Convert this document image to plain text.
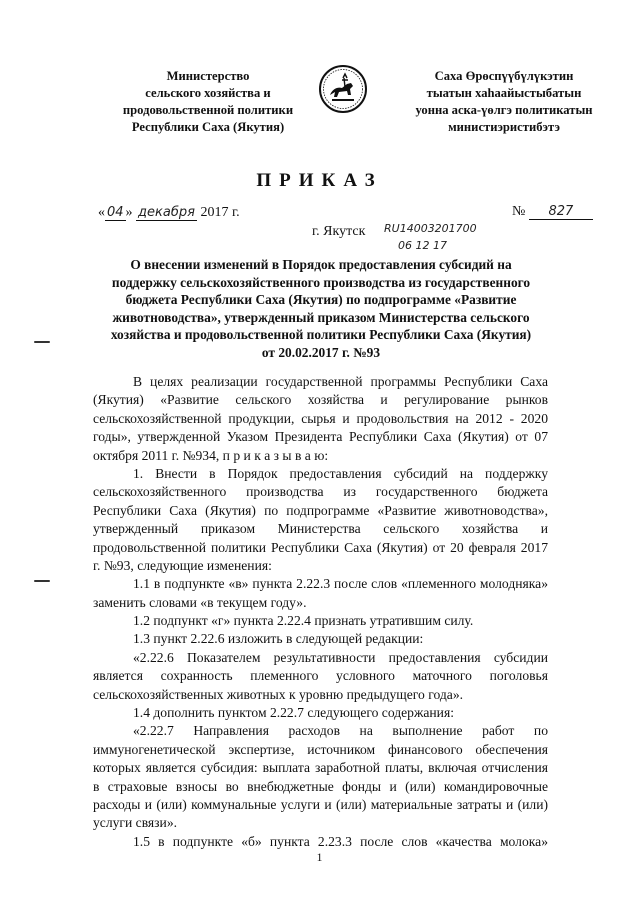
Министерство
сельского хозяйства и
продовольственной политики
Республики Саха (Якутия)
Саха Өрөспүүбүлүкэтин
тыатын хаһаайыстыбатын
уонна аска-үөлгэ политикатын
министиэристибэтэ
ПРИКАЗ
« 04 » декабря 2017 г.	№ 827
г. Якутск RU14003201700
06 12 17
О внесении изменений в Порядок предоставления субсидий на
поддержку сельскохозяйственного производства из государственного
бюджета Республики Саха (Якутия) по подпрограмме «Развитие
животноводства», утвержденный приказом Министерства сельского
хозяйства и продовольственной политики Республики Саха (Якутия)
от 20.02.2017 г. №93
В целях реализации государственной программы Республики Саха
(Якутия) «Развитие сельского хозяйства и регулирование рынков
сельскохозяйственной продукции, сырья и продовольствия на 2012 - 2020
годы», утвержденной Указом Президента Республики Саха (Якутия) от 07
октября 2011 г. №934, п р и к а з ы в а ю:
1. Внести в Порядок предоставления субсидий на поддержку
сельскохозяйственного производства из государственного бюджета
Республики Саха (Якутия) по подпрограмме «Развитие животноводства»,
утвержденный приказом Министерства сельского хозяйства и
продовольственной политики Республики Саха (Якутия) от 20 февраля 2017
г. №93, следующие изменения:
1.1 в подпункте «в» пункта 2.22.3 после слов «племенного молодняка»
заменить словами «в текущем году».
1.2 подпункт «г» пункта 2.22.4 признать утратившим силу.
1.3 пункт 2.22.6 изложить в следующей редакции:
«2.22.6 Показателем результативности предоставления субсидии
является сохранность племенного условного маточного поголовья
сельскохозяйственных животных к уровню предыдущего года».
1.4 дополнить пунктом 2.22.7 следующего содержания:
«2.22.7 Направления расходов на выполнение работ по
иммуногенетической экспертизе, источником финансового обеспечения
которых является субсидия: выплата заработной платы, включая отчисления
в страховые взносы во внебюджетные фонды и (или) командировочные
расходы и (или) коммунальные услуги и (или) материальные затраты и (или)
услуги связи».
1.5 в подпункте «б» пункта 2.23.3 после слов «качества молока»
1
